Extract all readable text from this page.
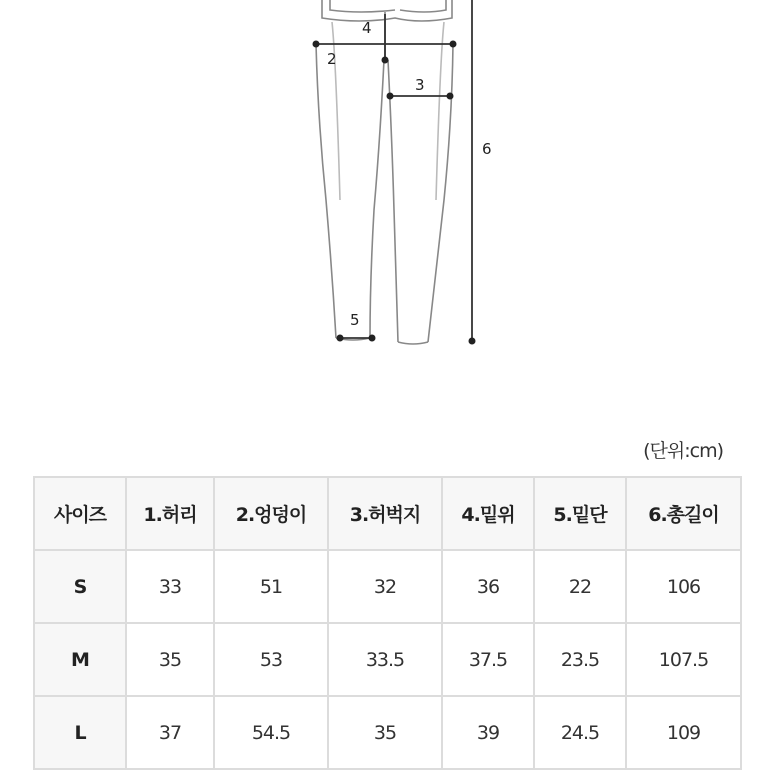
4
2
3
5
6
(단위:cm)
사이즈	1.허리	2.엉덩이	3.허벅지	4.밑위	5.밑단	6.총길이
S	33	51	32	36	22	106
M	35	53	33.5	37.5	23.5	107.5
L	37	54.5	35	39	24.5	109
